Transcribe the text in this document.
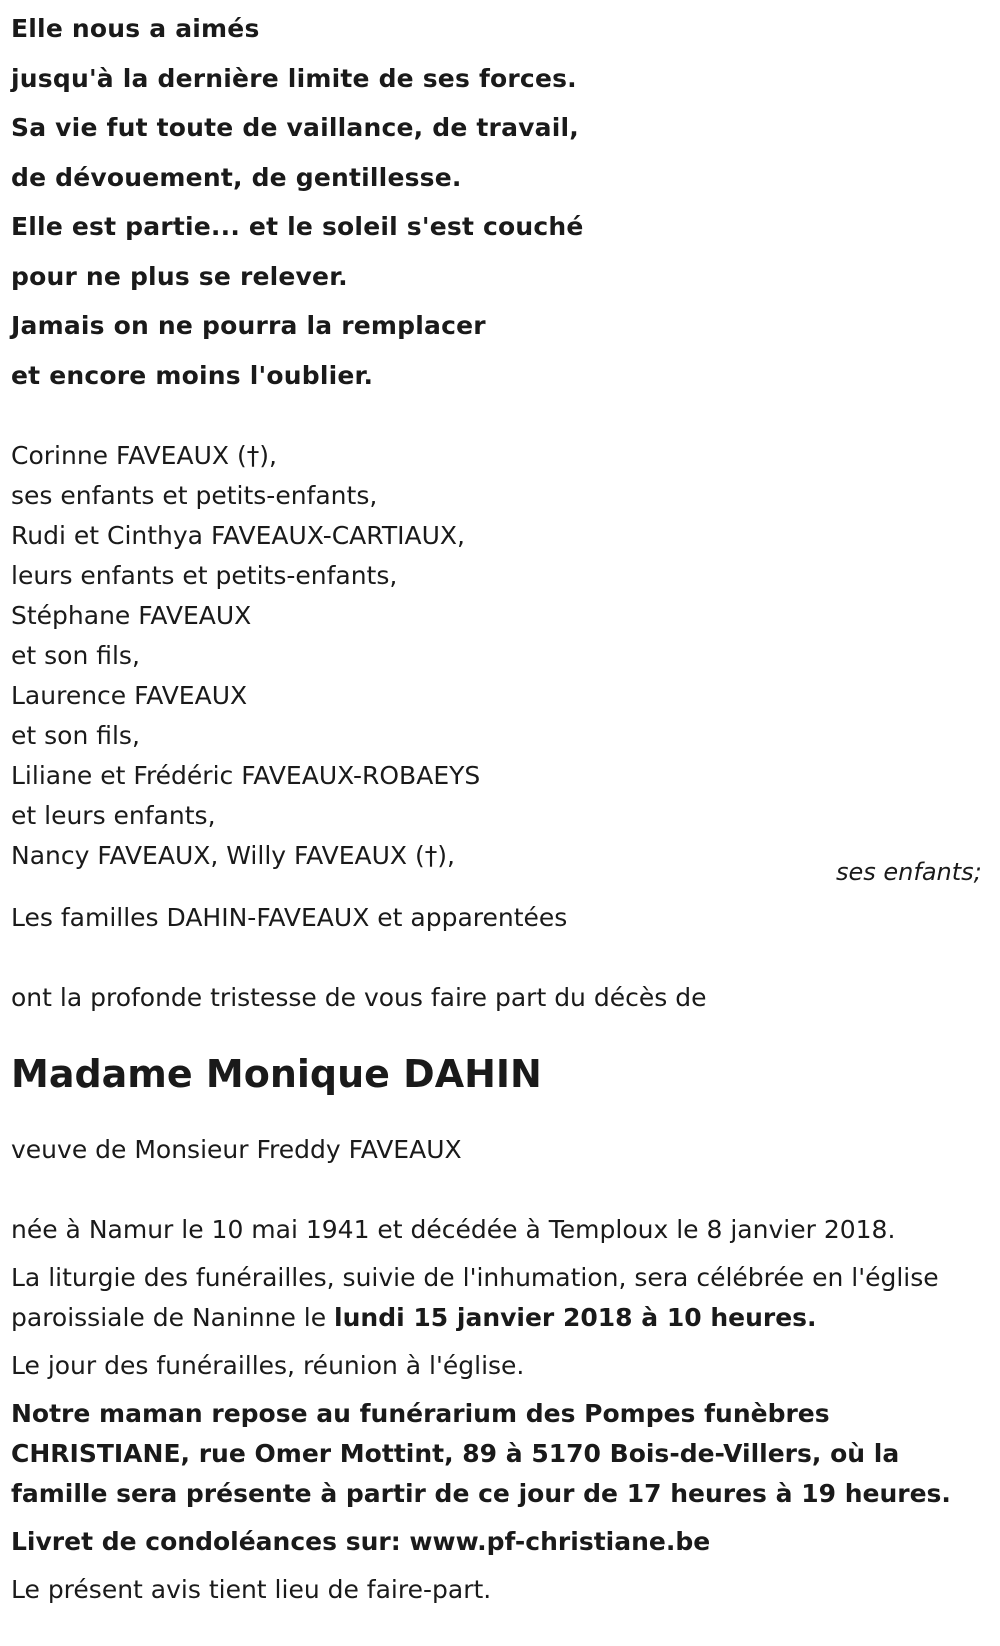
Elle nous a aimés
jusqu'à la dernière limite de ses forces.
Sa vie fut toute de vaillance, de travail,
de dévouement, de gentillesse.
Elle est partie... et le soleil s'est couché
pour ne plus se relever.
Jamais on ne pourra la remplacer
et encore moins l'oublier.
Corinne FAVEAUX (†),
ses enfants et petits-enfants,
Rudi et Cinthya FAVEAUX-CARTIAUX,
leurs enfants et petits-enfants,
Stéphane FAVEAUX
et son fils,
Laurence FAVEAUX
et son fils,
Liliane et Frédéric FAVEAUX-ROBAEYS
et leurs enfants,
Nancy FAVEAUX, Willy FAVEAUX (†),
Les familles DAHIN-FAVEAUX et apparentées
ont la profonde tristesse de vous faire part du décès de
Madame Monique DAHIN
veuve de Monsieur Freddy FAVEAUX
née à Namur le 10 mai 1941 et décédée à Temploux le 8 janvier 2018.
La liturgie des funérailles, suivie de l'inhumation, sera célébrée en l'église paroissiale de Naninne le lundi 15 janvier 2018 à 10 heures.
Le jour des funérailles, réunion à l'église.
Notre maman repose au funérarium des Pompes funèbres CHRISTIANE, rue Omer Mottint, 89 à 5170 Bois-de-Villers, où la famille sera présente à partir de ce jour de 17 heures à 19 heures.
Livret de condoléances sur: www.pf-christiane.be
Le présent avis tient lieu de faire-part.
ses enfants;
